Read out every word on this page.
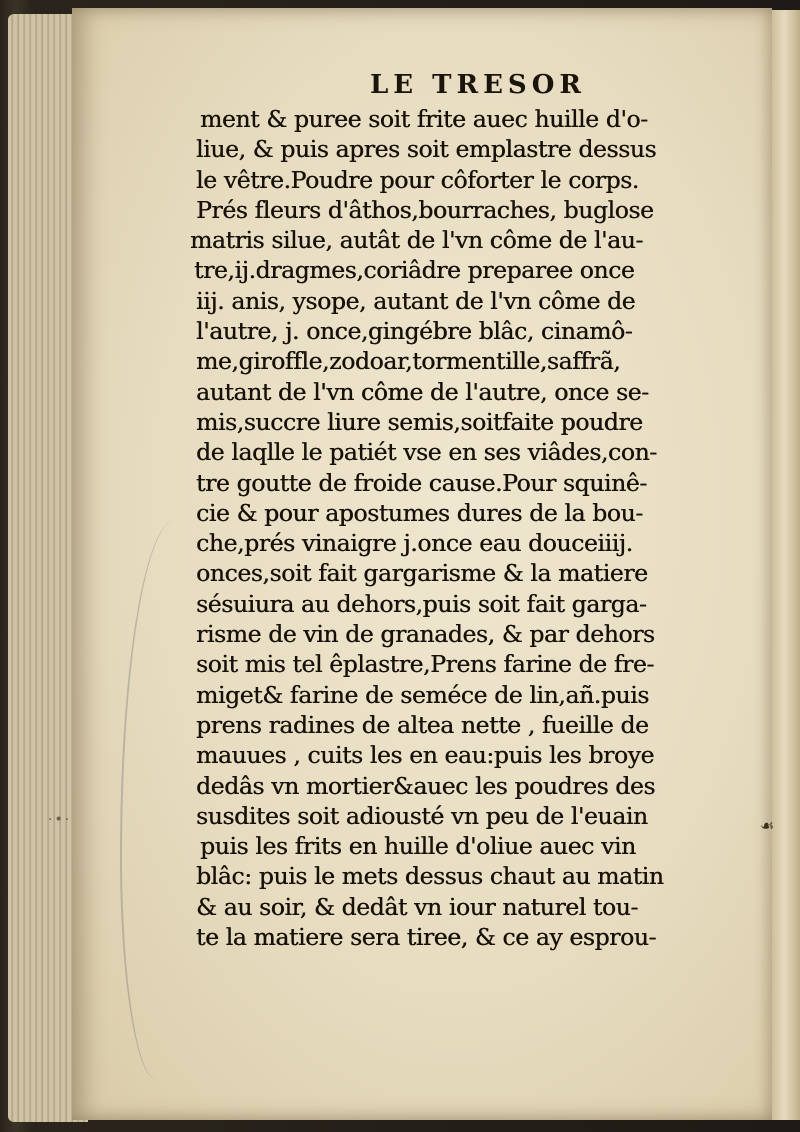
·•·	☙
LE TRESOR
ment & puree soit frite auec huille d'o-
liue, & puis apres soit emplastre dessus
le vêtre.Poudre pour côforter le corps.
Prés fleurs d'âthos,bourraches, buglose
matris silue, autât de l'vn côme de l'au-
tre,ij.dragmes,coriâdre preparee once
iij. anis, ysope, autant de l'vn côme de
l'autre, j. once,gingébre blâc, cinamô-
me,giroffle,zodoar,tormentille,saffrã,
autant de l'vn côme de l'autre, once se-
mis,succre liure semis,soitfaite poudre
de laqlle le patiét vse en ses viâdes,con-
tre goutte de froide cause.Pour squinê-
cie & pour apostumes dures de la bou-
che,prés vinaigre j.once eau douceiiij.
onces,soit fait gargarisme & la matiere
sésuiura au dehors,puis soit fait garga-
risme de vin de granades, & par dehors
soit mis tel êplastre,Prens farine de fre-
miget& farine de seméce de lin,añ.puis
prens radines de altea nette , fueille de
mauues , cuits les en eau:puis les broye
dedâs vn mortier&auec les poudres des
susdites soit adiousté vn peu de l'euain
puis les frits en huille d'oliue auec vin
blâc: puis le mets dessus chaut au matin
& au soir, & dedât vn iour naturel tou-
te la matiere sera tiree, & ce ay esprou-
